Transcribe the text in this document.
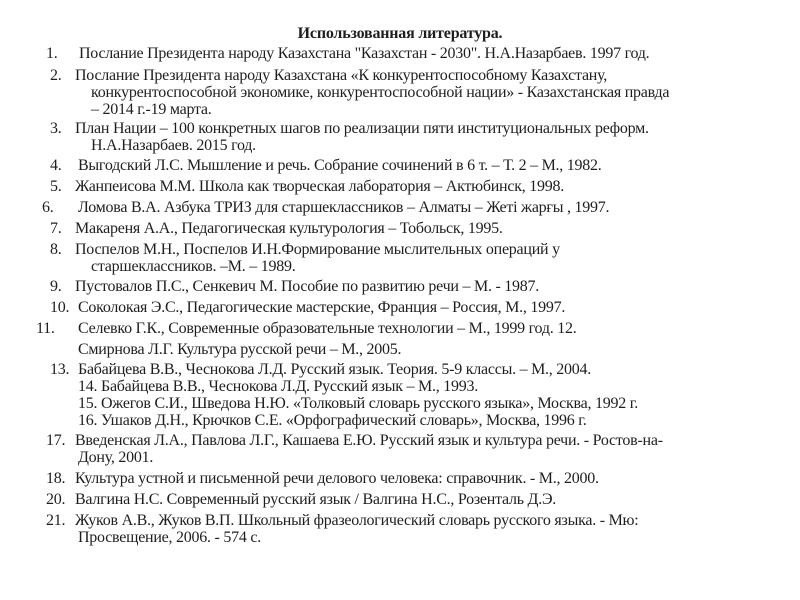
Использованная литература.
1. Послание Президента народу Казахстана "Казахстан - 2030". Н.А.Назарбаев. 1997 год.
2. Послание Президента народу Казахстана «К конкурентоспособному Казахстану,
конкурентоспособной экономике, конкурентоспособной нации» - Казахстанская правда
– 2014 г.-19 марта.
3. План Нации – 100 конкретных шагов по реализации пяти институциональных реформ.
Н.А.Назарбаев. 2015 год.
4. Выгодский Л.С. Мышление и речь. Собрание сочинений в 6 т. – Т. 2 – М., 1982.
5. Жанпеисова М.М. Школа как творческая лаборатория – Актюбинск, 1998.
6. Ломова В.А. Азбука ТРИЗ для старшеклассников – Алматы – Жеті жарғы , 1997.
7. Макареня А.А., Педагогическая культурология – Тобольск, 1995.
8. Поспелов М.Н., Поспелов И.Н.Формирование мыслительных операций у
старшеклассников. –М. – 1989.
9. Пустовалов П.С., Сенкевич М. Пособие по развитию речи – М. - 1987.
10. Соколокая Э.С., Педагогические мастерские, Франция – Россия, М., 1997.
11. Селевко Г.К., Современные образовательные технологии – М., 1999 год. 12.
Смирнова Л.Г. Культура русской речи – М., 2005.
13. Бабайцева В.В., Чеснокова Л.Д. Русский язык. Теория. 5-9 классы. – М., 2004.
14. Бабайцева В.В., Чеснокова Л.Д. Русский язык – М., 1993.
15. Ожегов С.И., Шведова Н.Ю. «Толковый словарь русского языка», Москва, 1992 г.
16. Ушаков Д.Н., Крючков С.Е. «Орфографический словарь», Москва, 1996 г.
17. Введенская Л.А., Павлова Л.Г., Кашаева Е.Ю. Русский язык и культура речи. - Ростов-на-
Дону, 2001.
18. Культура устной и письменной речи делового человека: справочник. - М., 2000.
20. Валгина Н.С. Современный русский язык / Валгина Н.С., Розенталь Д.Э.
21. Жуков А.В., Жуков В.П. Школьный фразеологический словарь русского языка. - Мю:
Просвещение, 2006. - 574 с.
